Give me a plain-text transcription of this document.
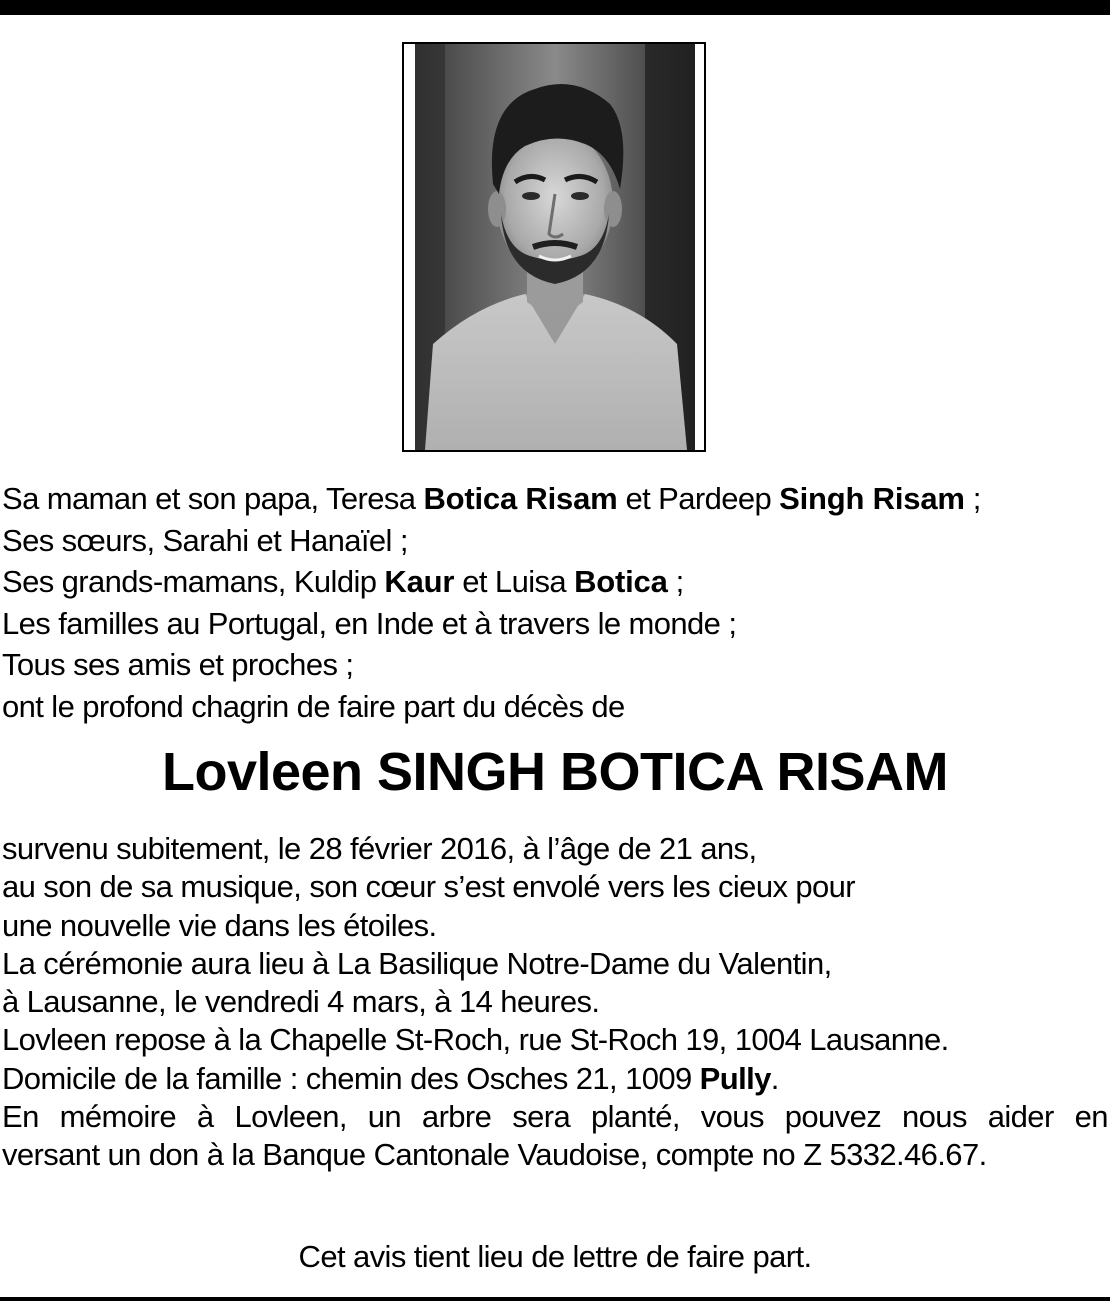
Sa maman et son papa, Teresa Botica Risam et Pardeep Singh Risam ;
Ses sœurs, Sarahi et Hanaïel ;
Ses grands-mamans, Kuldip Kaur et Luisa Botica ;
Les familles au Portugal, en Inde et à travers le monde ;
Tous ses amis et proches ;
ont le profond chagrin de faire part du décès de
Lovleen SINGH BOTICA RISAM
survenu subitement, le 28 février 2016, à l’âge de 21 ans,
au son de sa musique, son cœur s’est envolé vers les cieux pour
une nouvelle vie dans les étoiles.
La cérémonie aura lieu à La Basilique Notre-Dame du Valentin,
à Lausanne, le vendredi 4 mars, à 14 heures.
Lovleen repose à la Chapelle St-Roch, rue St-Roch 19, 1004 Lausanne.
Domicile de la famille : chemin des Osches 21, 1009 Pully.
En mémoire à Lovleen, un arbre sera planté, vous pouvez nous aider en
versant un don à la Banque Cantonale Vaudoise, compte no Z 5332.46.67.
Cet avis tient lieu de lettre de faire part.
